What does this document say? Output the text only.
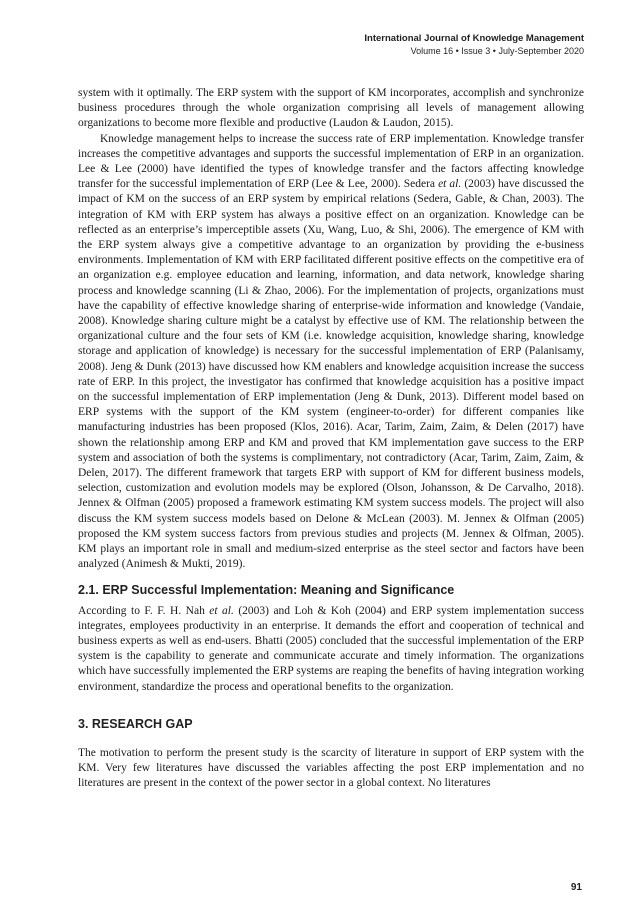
International Journal of Knowledge Management
Volume 16 • Issue 3 • July-September 2020

system with it optimally. The ERP system with the support of KM incorporates, accomplish and synchronize business procedures through the whole organization comprising all levels of management allowing organizations to become more flexible and productive (Laudon & Laudon, 2015).

Knowledge management helps to increase the success rate of ERP implementation. Knowledge transfer increases the competitive advantages and supports the successful implementation of ERP in an organization. Lee & Lee (2000) have identified the types of knowledge transfer and the factors affecting knowledge transfer for the successful implementation of ERP (Lee & Lee, 2000). Sedera et al. (2003) have discussed the impact of KM on the success of an ERP system by empirical relations (Sedera, Gable, & Chan, 2003). The integration of KM with ERP system has always a positive effect on an organization. Knowledge can be reflected as an enterprise’s imperceptible assets (Xu, Wang, Luo, & Shi, 2006). The emergence of KM with the ERP system always give a competitive advantage to an organization by providing the e-business environments. Implementation of KM with ERP facilitated different positive effects on the competitive era of an organization e.g. employee education and learning, information, and data network, knowledge sharing process and knowledge scanning (Li & Zhao, 2006). For the implementation of projects, organizations must have the capability of effective knowledge sharing of enterprise-wide information and knowledge (Vandaie, 2008). Knowledge sharing culture might be a catalyst by effective use of KM. The relationship between the organizational culture and the four sets of KM (i.e. knowledge acquisition, knowledge sharing, knowledge storage and application of knowledge) is necessary for the successful implementation of ERP (Palanisamy, 2008). Jeng & Dunk (2013) have discussed how KM enablers and knowledge acquisition increase the success rate of ERP. In this project, the investigator has confirmed that knowledge acquisition has a positive impact on the successful implementation of ERP implementation (Jeng & Dunk, 2013). Different model based on ERP systems with the support of the KM system (engineer-to-order) for different companies like manufacturing industries has been proposed (Klos, 2016). Acar, Tarim, Zaim, Zaim, & Delen (2017) have shown the relationship among ERP and KM and proved that KM implementation gave success to the ERP system and association of both the systems is complimentary, not contradictory (Acar, Tarim, Zaim, Zaim, & Delen, 2017). The different framework that targets ERP with support of KM for different business models, selection, customization and evolution models may be explored (Olson, Johansson, & De Carvalho, 2018). Jennex & Olfman (2005) proposed a framework estimating KM system success models. The project will also discuss the KM system success models based on Delone & McLean (2003). M. Jennex & Olfman (2005) proposed the KM system success factors from previous studies and projects (M. Jennex & Olfman, 2005). KM plays an important role in small and medium-sized enterprise as the steel sector and factors have been analyzed (Animesh & Mukti, 2019).

2.1. ERP Successful Implementation: Meaning and Significance

According to F. F. H. Nah et al. (2003) and Loh & Koh (2004) and ERP system implementation success integrates, employees productivity in an enterprise. It demands the effort and cooperation of technical and business experts as well as end-users. Bhatti (2005) concluded that the successful implementation of the ERP system is the capability to generate and communicate accurate and timely information. The organizations which have successfully implemented the ERP systems are reaping the benefits of having integration working environment, standardize the process and operational benefits to the organization.

3. RESEARCH GAP

The motivation to perform the present study is the scarcity of literature in support of ERP system with the KM. Very few literatures have discussed the variables affecting the post ERP implementation and no literatures are present in the context of the power sector in a global context. No literatures

91
